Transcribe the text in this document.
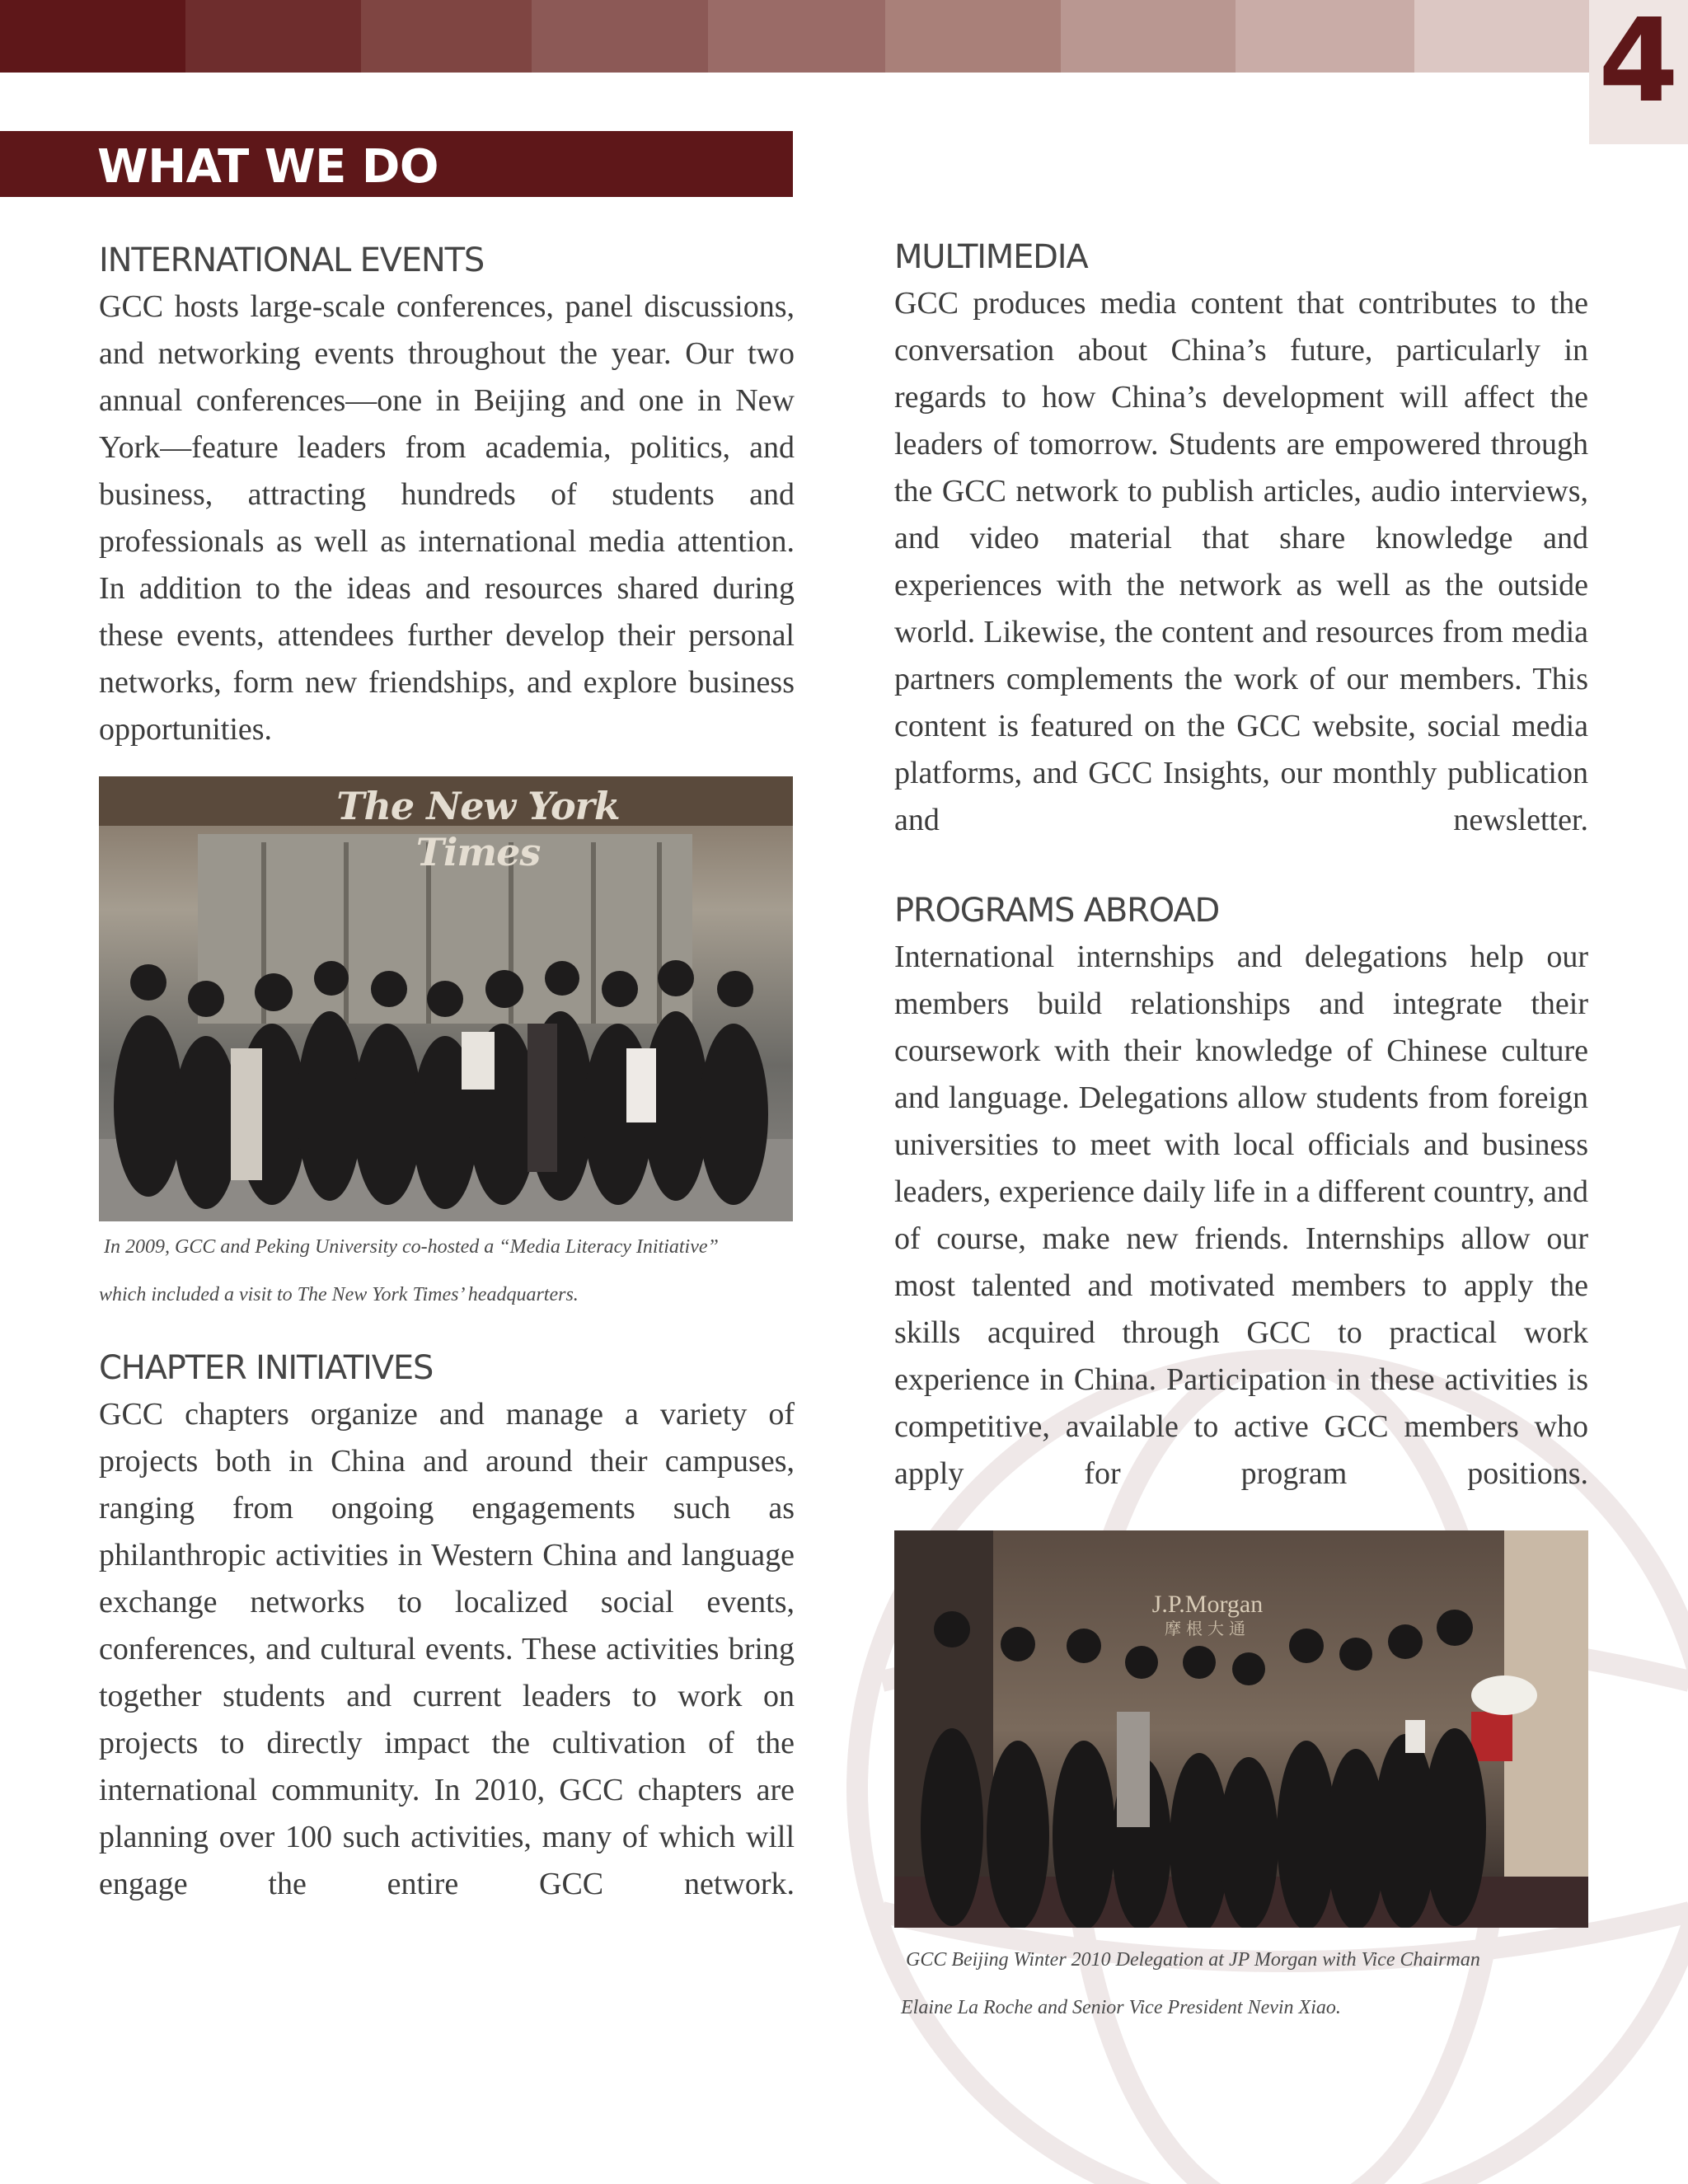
4
WHAT WE DO
INTERNATIONAL EVENTS

GCC hosts large-scale conferences, panel discussions, and networking events throughout the year. Our two annual conferences—one in Beijing and one in New York—feature leaders from academia, politics, and business, attracting hundreds of students and professionals as well as international media attention. In addition to the ideas and resources shared during these events, attendees further develop their personal networks, form new friendships, and explore business opportunities.

The New York Times

In 2009, GCC and Peking University co-hosted a “Media Literacy Initiative”

which included a visit to The New York Times’ headquarters.

CHAPTER INITIATIVES

GCC chapters organize and manage a variety of projects both in China and around their campuses, ranging from ongoing engagements such as philanthropic activities in Western China and language exchange networks to localized social events, conferences, and cultural events. These activities bring together students and current leaders to work on projects to directly impact the cultivation of the international community. In 2010, GCC chapters are planning over 100 such activities, many of which will engage the entire GCC network.

MULTIMEDIA

GCC produces media content that contributes to the conversation about China’s future, particularly in regards to how China’s development will affect the leaders of tomorrow. Students are empowered through the GCC network to publish articles, audio interviews, and video material that share knowledge and experiences with the network as well as the outside world. Likewise, the content and resources from media partners complements the work of our members. This content is featured on the GCC website, social media platforms, and GCC Insights, our monthly publication and newsletter.

PROGRAMS ABROAD

International internships and delegations help our members build relationships and integrate their coursework with their knowledge of Chinese culture and language. Delegations allow students from foreign universities to meet with local officials and business leaders, experience daily life in a different country, and of course, make new friends. Internships allow our most talented and motivated members to apply the skills acquired through GCC to practical work experience in China. Participation in these activities is competitive, available to active GCC members who apply for program positions.

J.P.Morgan
摩根大通

GCC Beijing Winter 2010 Delegation at JP Morgan with Vice Chairman

Elaine La Roche and Senior Vice President Nevin Xiao.
